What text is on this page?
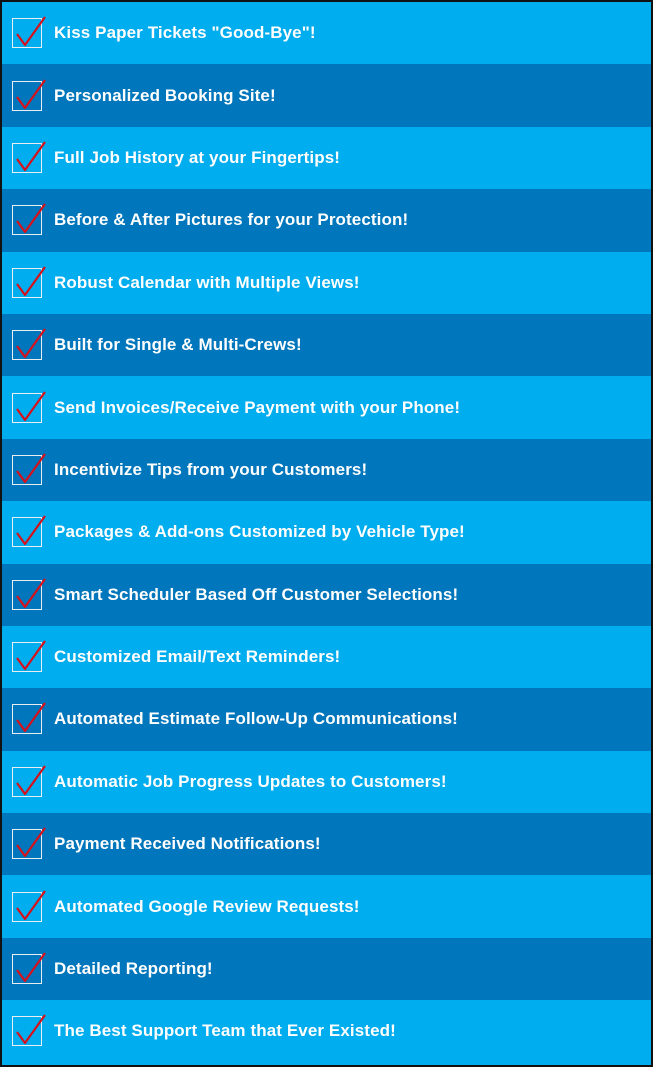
Kiss Paper Tickets "Good-Bye"!
Personalized Booking Site!
Full Job History at your Fingertips!
Before & After Pictures for your Protection!
Robust Calendar with Multiple Views!
Built for Single & Multi-Crews!
Send Invoices/Receive Payment with your Phone!
Incentivize Tips from your Customers!
Packages & Add-ons Customized by Vehicle Type!
Smart Scheduler Based Off Customer Selections!
Customized Email/Text Reminders!
Automated Estimate Follow-Up Communications!
Automatic Job Progress Updates to Customers!
Payment Received Notifications!
Automated Google Review Requests!
Detailed Reporting!
The Best Support Team that Ever Existed!
